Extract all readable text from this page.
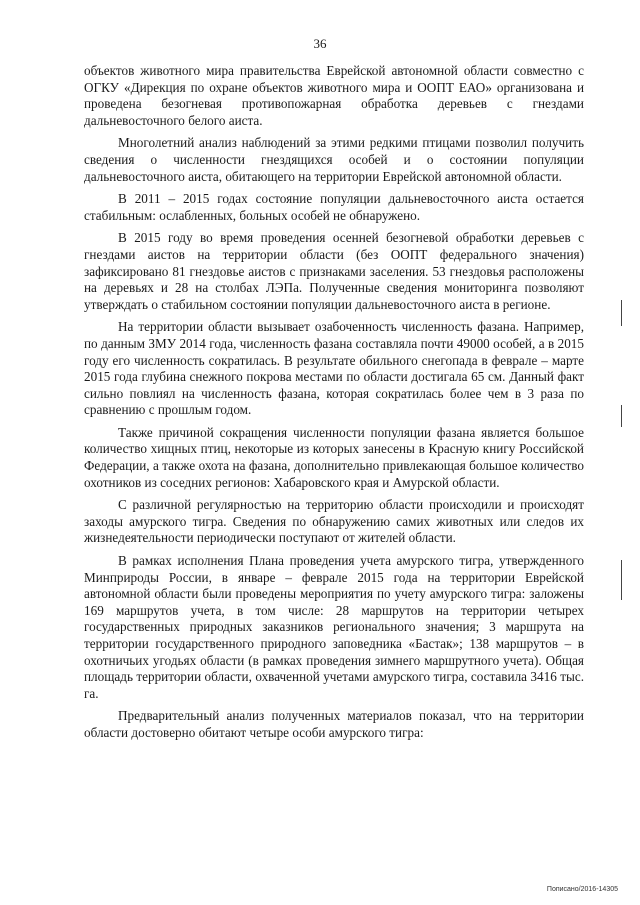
36

объектов животного мира правительства Еврейской автономной области совместно с ОГКУ «Дирекция по охране объектов животного мира и ООПТ ЕАО» организована и проведена безогневая противопожарная обработка деревьев с гнездами дальневосточного белого аиста.

Многолетний анализ наблюдений за этими редкими птицами позволил получить сведения о численности гнездящихся особей и о состоянии популяции дальневосточного аиста, обитающего на территории Еврейской автономной области.

В 2011 – 2015 годах состояние популяции дальневосточного аиста остается стабильным: ослабленных, больных особей не обнаружено.

В 2015 году во время проведения осенней безогневой обработки деревьев с гнездами аистов на территории области (без ООПТ федерального значения) зафиксировано 81 гнездовье аистов с признаками заселения. 53 гнездовья расположены на деревьях и 28 на столбах ЛЭПа. Полученные сведения мониторинга позволяют утверждать о стабильном состоянии популяции дальневосточного аиста в регионе.

На территории области вызывает озабоченность численность фазана. Например, по данным ЗМУ 2014 года, численность фазана составляла почти 49000 особей, а в 2015 году его численность сократилась. В результате обильного снегопада в феврале – марте 2015 года глубина снежного покрова местами по области достигала 65 см. Данный факт сильно повлиял на численность фазана, которая сократилась более чем в 3 раза по сравнению с прошлым годом.

Также причиной сокращения численности популяции фазана является большое количество хищных птиц, некоторые из которых занесены в Красную книгу Российской Федерации, а также охота на фазана, дополнительно привлекающая большое количество охотников из соседних регионов: Хабаровского края и Амурской области.

С различной регулярностью на территорию области происходили и происходят заходы амурского тигра. Сведения по обнаружению самих животных или следов их жизнедеятельности периодически поступают от жителей области.

В рамках исполнения Плана проведения учета амурского тигра, утвержденного Минприроды России, в январе – феврале 2015 года на территории Еврейской автономной области были проведены мероприятия по учету амурского тигра: заложены 169 маршрутов учета, в том числе: 28 маршрутов на территории четырех государственных природных заказников регионального значения; 3 маршрута на территории государственного природного заповедника «Бастак»; 138 маршрутов – в охотничьих угодьях области (в рамках проведения зимнего маршрутного учета). Общая площадь территории области, охваченной учетами амурского тигра, составила 3416 тыс. га.

Предварительный анализ полученных материалов показал, что на территории области достоверно обитают четыре особи амурского тигра:

Пописано/2016-14305
